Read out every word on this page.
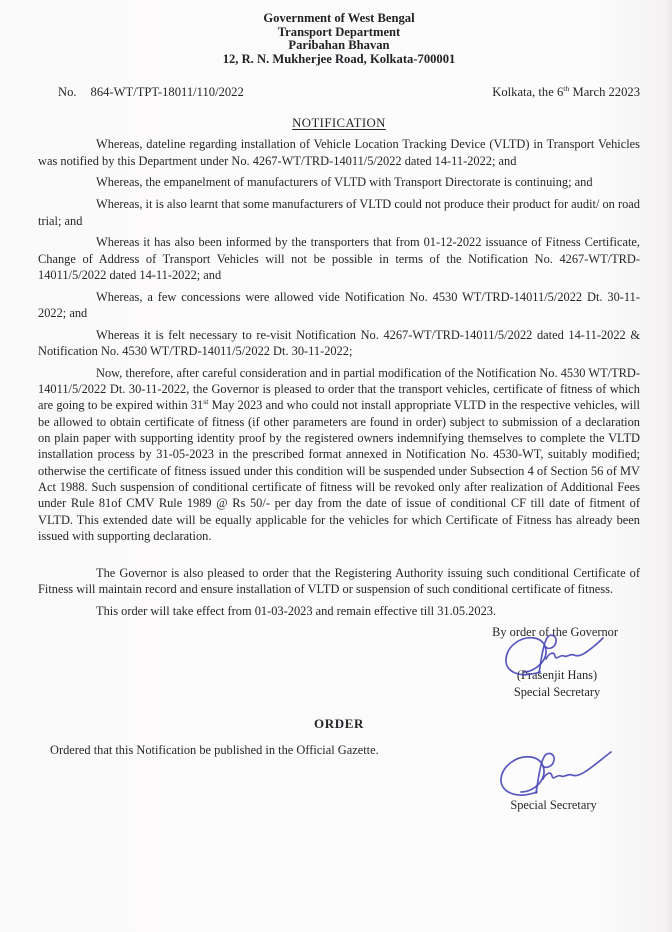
Government of West Bengal
Transport Department
Paribahan Bhavan
12, R. N. Mukherjee Road, Kolkata-700001
No. 864-WT/TPT-18011/110/2022	Kolkata, the 6th March 22023
NOTIFICATION

Whereas, dateline regarding installation of Vehicle Location Tracking Device (VLTD) in Transport Vehicles was notified by this Department under No. 4267-WT/TRD-14011/5/2022 dated 14-11-2022; and

Whereas, the empanelment of manufacturers of VLTD with Transport Directorate is continuing; and

Whereas, it is also learnt that some manufacturers of VLTD could not produce their product for audit/ on road trial; and

Whereas it has also been informed by the transporters that from 01-12-2022 issuance of Fitness Certificate, Change of Address of Transport Vehicles will not be possible in terms of the Notification No. 4267-WT/TRD-14011/5/2022 dated 14-11-2022; and

Whereas, a few concessions were allowed vide Notification No. 4530 WT/TRD-14011/5/2022 Dt. 30-11-2022; and

Whereas it is felt necessary to re-visit Notification No. 4267-WT/TRD-14011/5/2022 dated 14-11-2022 & Notification No. 4530 WT/TRD-14011/5/2022 Dt. 30-11-2022;

Now, therefore, after careful consideration and in partial modification of the Notification No. 4530 WT/TRD-14011/5/2022 Dt. 30-11-2022, the Governor is pleased to order that the transport vehicles, certificate of fitness of which are going to be expired within 31st May 2023 and who could not install appropriate VLTD in the respective vehicles, will be allowed to obtain certificate of fitness (if other parameters are found in order) subject to submission of a declaration on plain paper with supporting identity proof by the registered owners indemnifying themselves to complete the VLTD installation process by 31-05-2023 in the prescribed format annexed in Notification No. 4530-WT, suitably modified; otherwise the certificate of fitness issued under this condition will be suspended under Subsection 4 of Section 56 of MV Act 1988. Such suspension of conditional certificate of fitness will be revoked only after realization of Additional Fees under Rule 81of CMV Rule 1989 @ Rs 50/- per day from the date of issue of conditional CF till date of fitment of VLTD. This extended date will be equally applicable for the vehicles for which Certificate of Fitness has already been issued with supporting declaration.

The Governor is also pleased to order that the Registering Authority issuing such conditional Certificate of Fitness will maintain record and ensure installation of VLTD or suspension of such conditional certificate of fitness.

This order will take effect from 01-03-2023 and remain effective till 31.05.2023.

By order of the Governor
(Prasenjit Hans)
Special Secretary
ORDER
Ordered that this Notification be published in the Official Gazette.
Special Secretary
